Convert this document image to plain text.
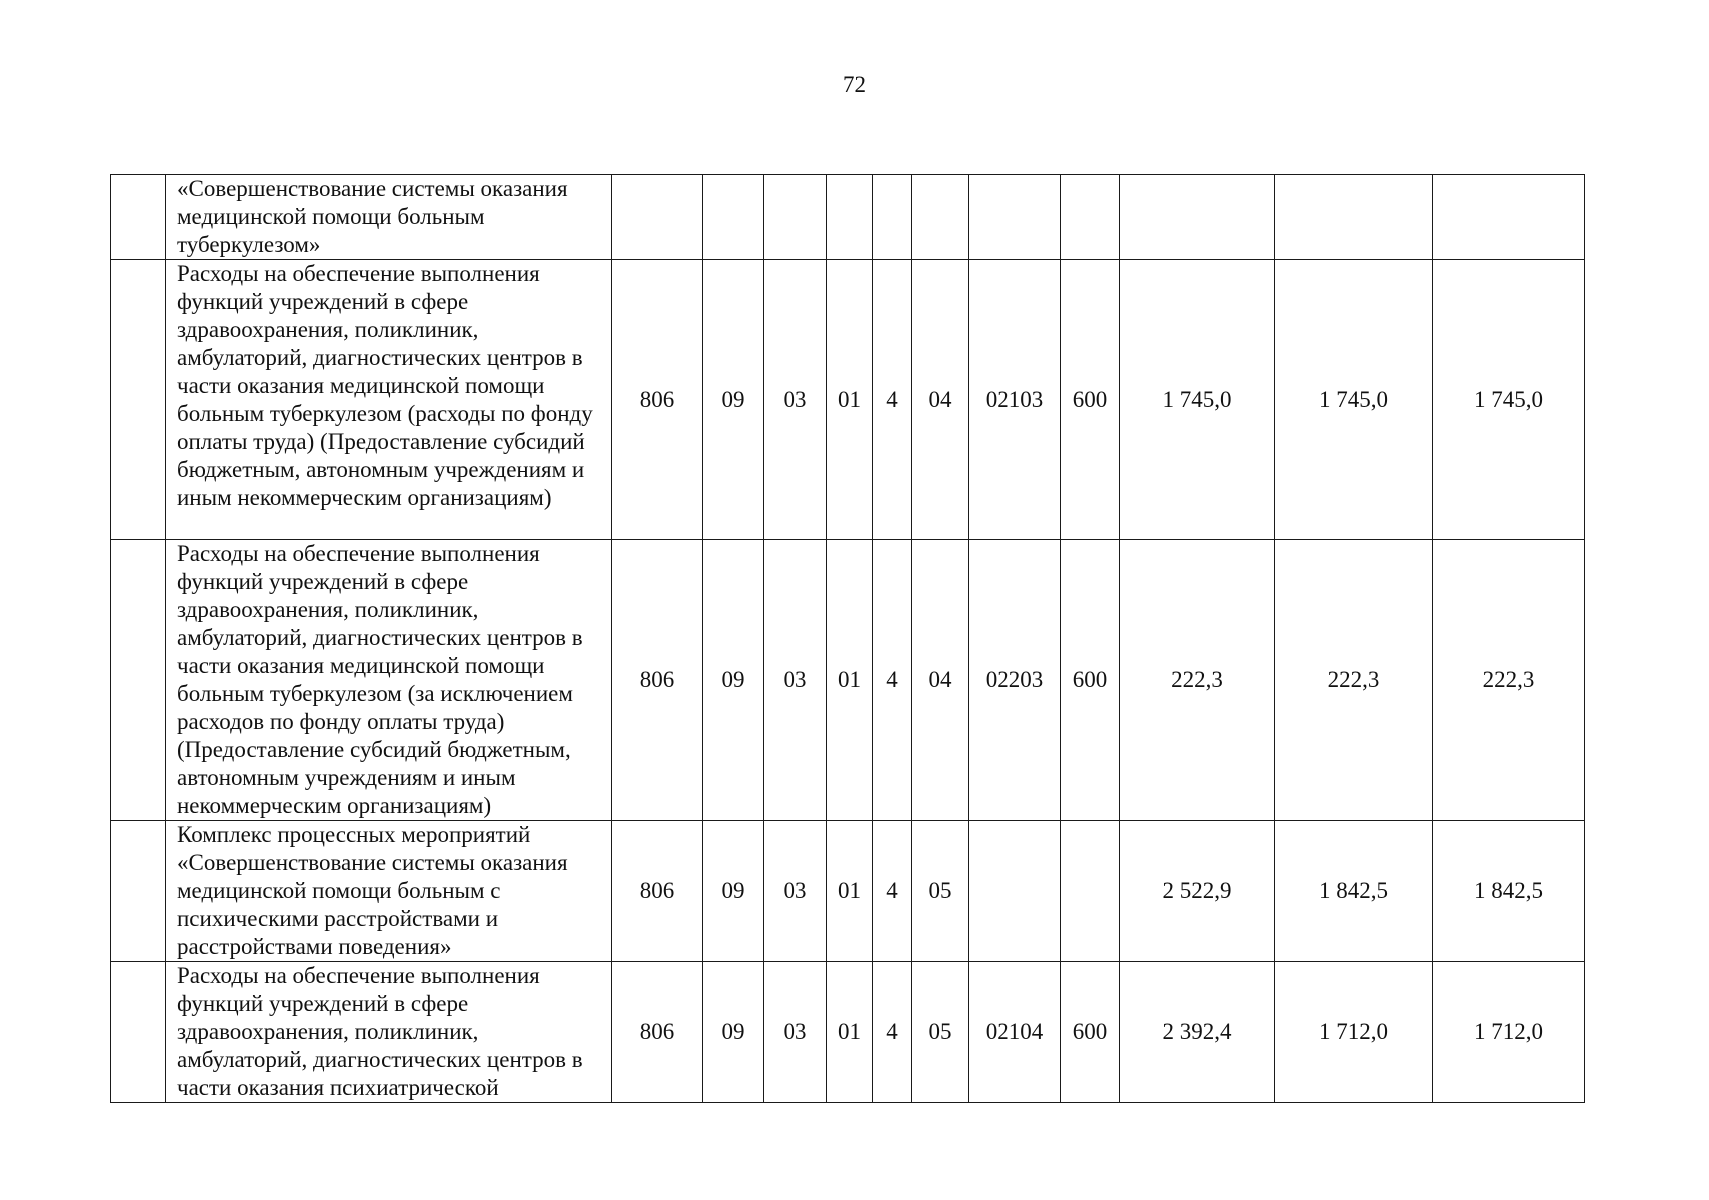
72
	«Совершенствование системы оказания медицинской помощи больным туберкулезом»											
	Расходы на обеспечение выполнения функций учреждений в сфере здравоохранения, поликлиник, амбулаторий, диагностических центров в части оказания медицинской помощи больным туберкулезом (расходы по фонду оплаты труда) (Предоставление субсидий бюджетным, автономным учреждениям и иным некоммерческим организациям)	806	09	03	01	4	04	02103	600	1 745,0	1 745,0	1 745,0
	Расходы на обеспечение выполнения функций учреждений в сфере здравоохранения, поликлиник, амбулаторий, диагностических центров в части оказания медицинской помощи больным туберкулезом (за исключением расходов по фонду оплаты труда) (Предоставление субсидий бюджетным, автономным учреждениям и иным некоммерческим организациям)	806	09	03	01	4	04	02203	600	222,3	222,3	222,3
	Комплекс процессных мероприятий «Совершенствование системы оказания медицинской помощи больным с психическими расстройствами и расстройствами поведения»	806	09	03	01	4	05			2 522,9	1 842,5	1 842,5
	Расходы на обеспечение выполнения функций учреждений в сфере здравоохранения, поликлиник, амбулаторий, диагностических центров в части оказания психиатрической	806	09	03	01	4	05	02104	600	2 392,4	1 712,0	1 712,0
